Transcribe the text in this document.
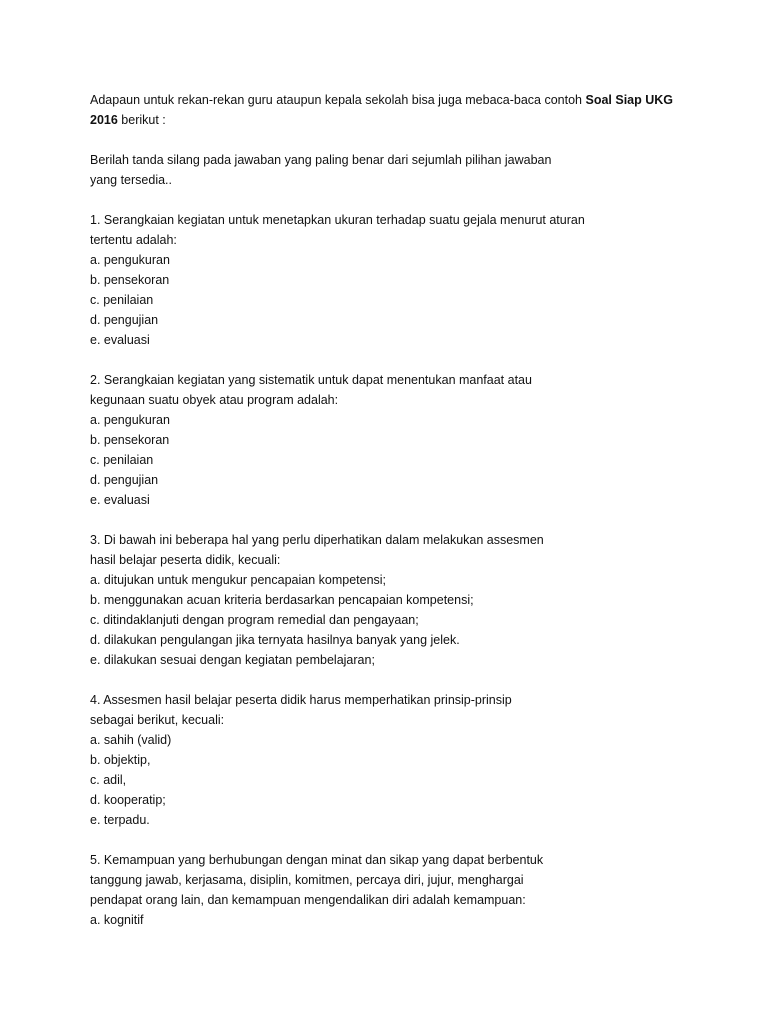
Adapaun untuk rekan-rekan guru ataupun kepala sekolah bisa juga mebaca-baca contoh Soal Siap UKG
2016 berikut :

Berilah tanda silang pada jawaban yang paling benar dari sejumlah pilihan jawaban
yang tersedia..

1. Serangkaian kegiatan untuk menetapkan ukuran terhadap suatu gejala menurut aturan
tertentu adalah:
a. pengukuran
b. pensekoran
c. penilaian
d. pengujian
e. evaluasi
2. Serangkaian kegiatan yang sistematik untuk dapat menentukan manfaat atau
kegunaan suatu obyek atau program adalah:
a. pengukuran
b. pensekoran
c. penilaian
d. pengujian
e. evaluasi
3. Di bawah ini beberapa hal yang perlu diperhatikan dalam melakukan assesmen
hasil belajar peserta didik, kecuali:
a. ditujukan untuk mengukur pencapaian kompetensi;
b. menggunakan acuan kriteria berdasarkan pencapaian kompetensi;
c. ditindaklanjuti dengan program remedial dan pengayaan;
d. dilakukan pengulangan jika ternyata hasilnya banyak yang jelek.
e. dilakukan sesuai dengan kegiatan pembelajaran;
4. Assesmen hasil belajar peserta didik harus memperhatikan prinsip-prinsip
sebagai berikut, kecuali:
a. sahih (valid)
b. objektip,
c. adil,
d. kooperatip;
e. terpadu.
5. Kemampuan yang berhubungan dengan minat dan sikap yang dapat berbentuk
tanggung jawab, kerjasama, disiplin, komitmen, percaya diri, jujur, menghargai
pendapat orang lain, dan kemampuan mengendalikan diri adalah kemampuan:
a. kognitif
